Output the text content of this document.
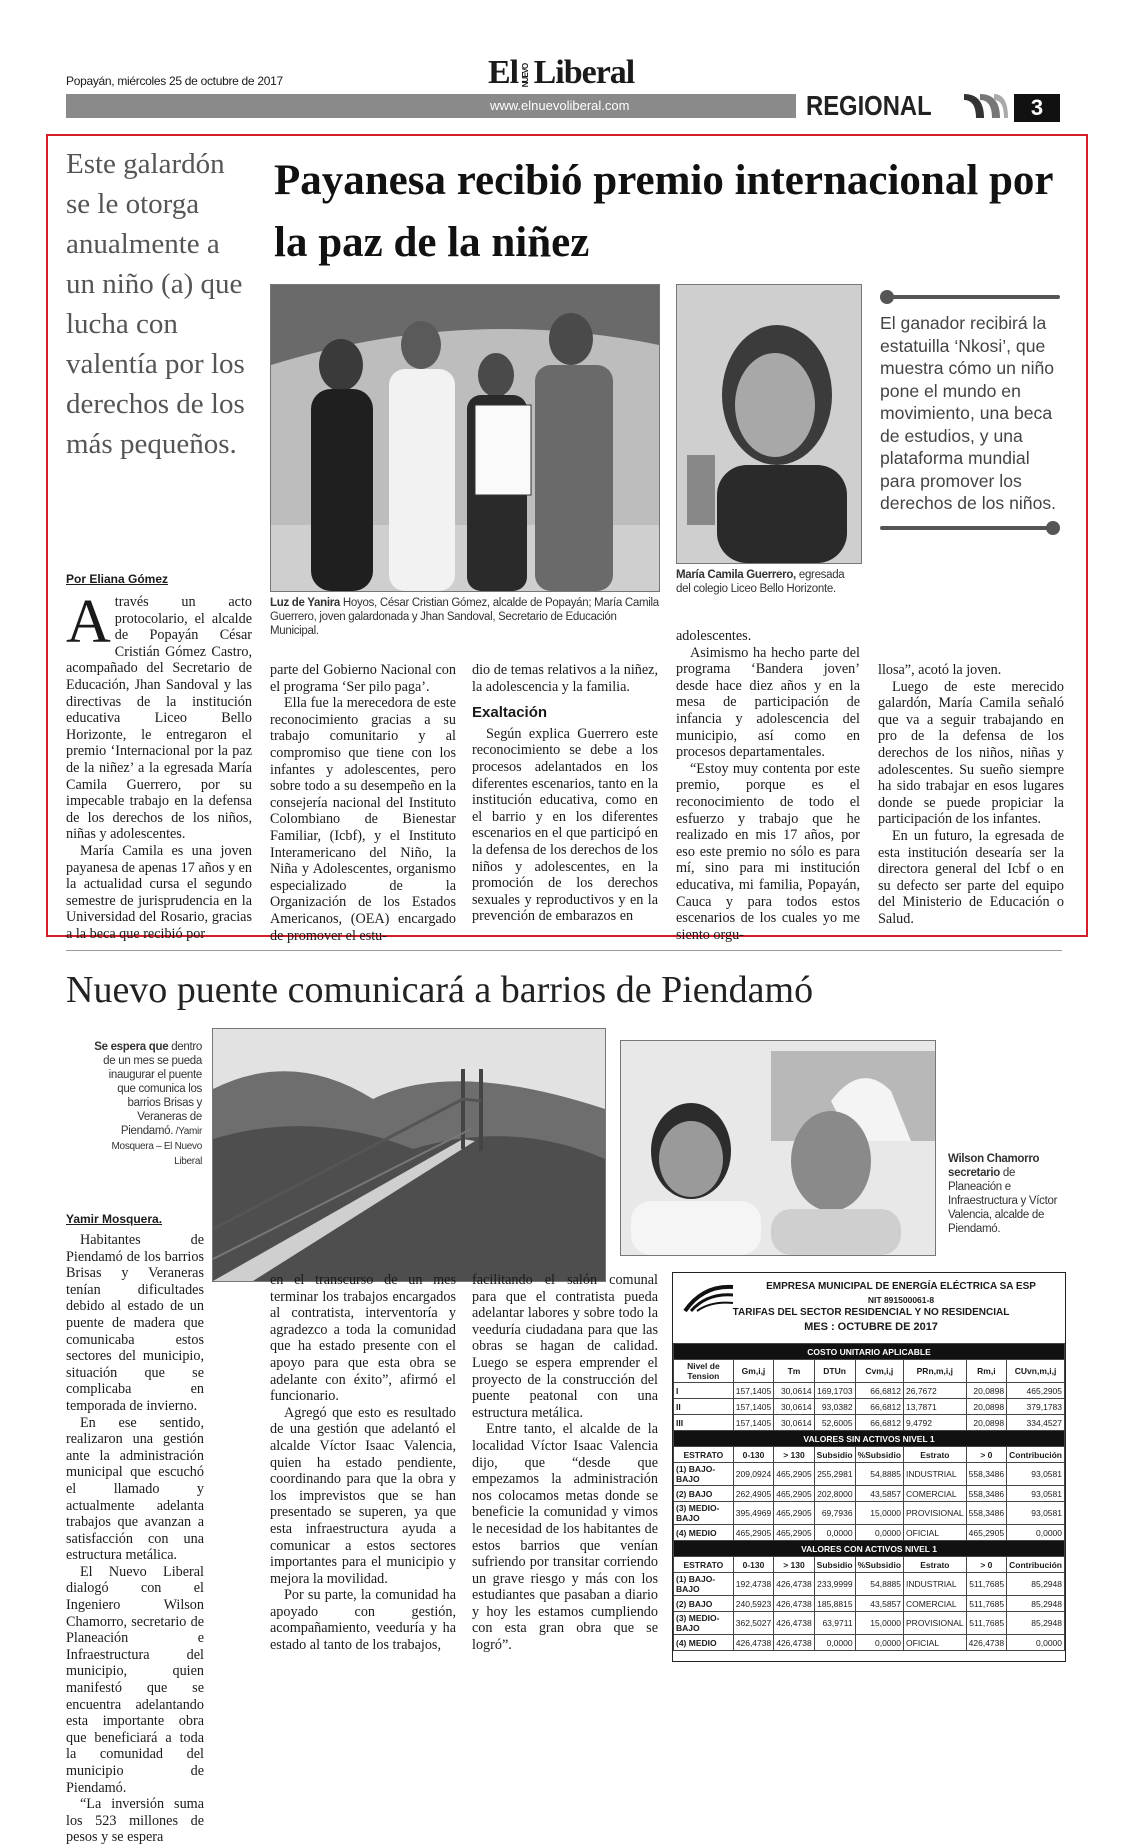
Popayán, miércoles 25 de octubre de 2017	El NUEVOLiberal
www.elnuevoliberal.com	REGIONAL	3
Este galardón se le otorga anualmente a un niño (a) que lucha con valentía por los derechos de los más pequeños.
Payanesa recibió premio internacional por la paz de la niñez
Luz de Yanira Hoyos, César Cristian Gómez, alcalde de Popayán; María Camila Guerrero, joven galardonada y Jhan Sandoval, Secretario de Educación Municipal.
María Camila Guerrero, egresada del colegio Liceo Bello Horizonte.
El ganador recibirá la estatuilla ‘Nkosi’, que muestra cómo un niño pone el mundo en movimiento, una beca de estudios, y una plataforma mundial para promover los derechos de los niños.
Por Eliana Gómez

Através un acto protocolario, el alcalde de Popayán César Cristián Gómez Castro, acompañado del Secretario de Educación, Jhan Sandoval y las directivas de la institución educativa Liceo Bello Horizonte, le entregaron el premio ‘Internacional por la paz de la niñez’ a la egresada María Camila Guerrero, por su impecable trabajo en la defensa de los derechos de los niños, niñas y adolescentes.

María Camila es una joven payanesa de apenas 17 años y en la actualidad cursa el segundo semestre de jurisprudencia en la Universidad del Rosario, gracias a la beca que recibió por

parte del Gobierno Nacional con el programa ‘Ser pilo paga’.

Ella fue la merecedora de este reconocimiento gracias a su trabajo comunitario y al compromiso que tiene con los infantes y adolescentes, pero sobre todo a su desempeño en la consejería nacional del Instituto Colombiano de Bienestar Familiar, (Icbf), y el Instituto Interamericano del Niño, la Niña y Adolescentes, organismo especializado de la Organización de los Estados Americanos, (OEA) encargado de promover el estu-

dio de temas relativos a la niñez, la adolescencia y la familia.

Exaltación

Según explica Guerrero este reconocimiento se debe a los procesos adelantados en los diferentes escenarios, tanto en la institución educativa, como en el barrio y en los diferentes escenarios en el que participó en la defensa de los derechos de los niños y adolescentes, en la promoción de los derechos sexuales y reproductivos y en la prevención de embarazos en

adolescentes.

Asimismo ha hecho parte del programa ‘Bandera joven’ desde hace diez años y en la mesa de participación de infancia y adolescencia del municipio, así como en procesos departamentales.

“Estoy muy contenta por este premio, porque es el reconocimiento de todo el esfuerzo y trabajo que he realizado en mis 17 años, por eso este premio no sólo es para mí, sino para mi institución educativa, mi familia, Popayán, Cauca y para todos estos escenarios de los cuales yo me siento orgu-

llosa”, acotó la joven.

Luego de este merecido galardón, María Camila señaló que va a seguir trabajando en pro de la defensa de los derechos de los niños, niñas y adolescentes. Su sueño siempre ha sido trabajar en esos lugares donde se puede propiciar la participación de los infantes.

En un futuro, la egresada de esta institución desearía ser la directora general del Icbf o en su defecto ser parte del equipo del Ministerio de Educación o Salud.

Nuevo puente comunicará a barrios de Piendamó
Se espera que dentro de un mes se pueda inaugurar el puente que comunica los barrios Brisas y Veraneras de Piendamó. /Yamir Mosquera – El Nuevo Liberal
Yamir Mosquera.
Wilson Chamorro secretario de Planeación e Infraestructura y Víctor Valencia, alcalde de Piendamó.

Habitantes de Piendamó de los barrios Brisas y Veraneras tenían dificultades debido al estado de un puente de madera que comunicaba estos sectores del municipio, situación que se complicaba en temporada de invierno.

En ese sentido, realizaron una gestión ante la administración municipal que escuchó el llamado y actualmente adelanta trabajos que avanzan a satisfacción con una estructura metálica.

El Nuevo Liberal dialogó con el Ingeniero Wilson Chamorro, secretario de Planeación e Infraestructura del municipio, quien manifestó que se encuentra adelantando esta importante obra que beneficiará a toda la comunidad del municipio de Piendamó.

“La inversión suma los 523 millones de pesos y se espera

en el transcurso de un mes terminar los trabajos encargados al contratista, interventoría y agradezco a toda la comunidad que ha estado presente con el apoyo para que esta obra se adelante con éxito”, afirmó el funcionario.

Agregó que esto es resultado de una gestión que adelantó el alcalde Víctor Isaac Valencia, quien ha estado pendiente, coordinando para que la obra y los imprevistos que se han presentado se superen, ya que esta infraestructura ayuda a comunicar a estos sectores importantes para el municipio y mejora la movilidad.

Por su parte, la comunidad ha apoyado con gestión, acompañamiento, veeduría y ha estado al tanto de los trabajos,

facilitando el salón comunal para que el contratista pueda adelantar labores y sobre todo la veeduría ciudadana para que las obras se hagan de calidad. Luego se espera emprender el proyecto de la construcción del puente peatonal con una estructura metálica.

Entre tanto, el alcalde de la localidad Víctor Isaac Valencia dijo, que “desde que empezamos la administración nos colocamos metas donde se beneficie la comunidad y vimos le necesidad de los habitantes de estos barrios que venían sufriendo por transitar corriendo un grave riesgo y más con los estudiantes que pasaban a diario y hoy les estamos cumpliendo con esta gran obra que se logró”.

EMPRESA MUNICIPAL DE ENERGÍA ELÉCTRICA SA ESP
NIT 891500061-8
TARIFAS DEL SECTOR RESIDENCIAL Y NO RESIDENCIAL
MES : OCTUBRE DE 2017
COSTO UNITARIO APLICABLE							
Nivel de Tension	Gm,i,j	Tm	DTUn	Cvm,i,j	PRn,m,i,j	Rm,i	CUvn,m,i,j
I	157,1405	30,0614	169,1703	66,6812	26,7672	20,0898	465,2905
II	157,1405	30,0614	93,0382	66,6812	13,7871	20,0898	379,1783
III	157,1405	30,0614	52,6005	66,6812	9,4792	20,0898	334,4527
VALORES SIN ACTIVOS NIVEL 1							
ESTRATO	0-130	> 130	Subsidio	%Subsidio	Estrato	> 0	Contribución
(1) BAJO-BAJO	209,0924	465,2905	255,2981	54,8885	INDUSTRIAL	558,3486	93,0581
(2) BAJO	262,4905	465,2905	202,8000	43,5857	COMERCIAL	558,3486	93,0581
(3) MEDIO-BAJO	395,4969	465,2905	69,7936	15,0000	PROVISIONAL	558,3486	93,0581
(4) MEDIO	465,2905	465,2905	0,0000	0,0000	OFICIAL	465,2905	0,0000
VALORES CON ACTIVOS NIVEL 1							
ESTRATO	0-130	> 130	Subsidio	%Subsidio	Estrato	> 0	Contribución
(1) BAJO-BAJO	192,4738	426,4738	233,9999	54,8885	INDUSTRIAL	511,7685	85,2948
(2) BAJO	240,5923	426,4738	185,8815	43,5857	COMERCIAL	511,7685	85,2948
(3) MEDIO-BAJO	362,5027	426,4738	63,9711	15,0000	PROVISIONAL	511,7685	85,2948
(4) MEDIO	426,4738	426,4738	0,0000	0,0000	OFICIAL	426,4738	0,0000
